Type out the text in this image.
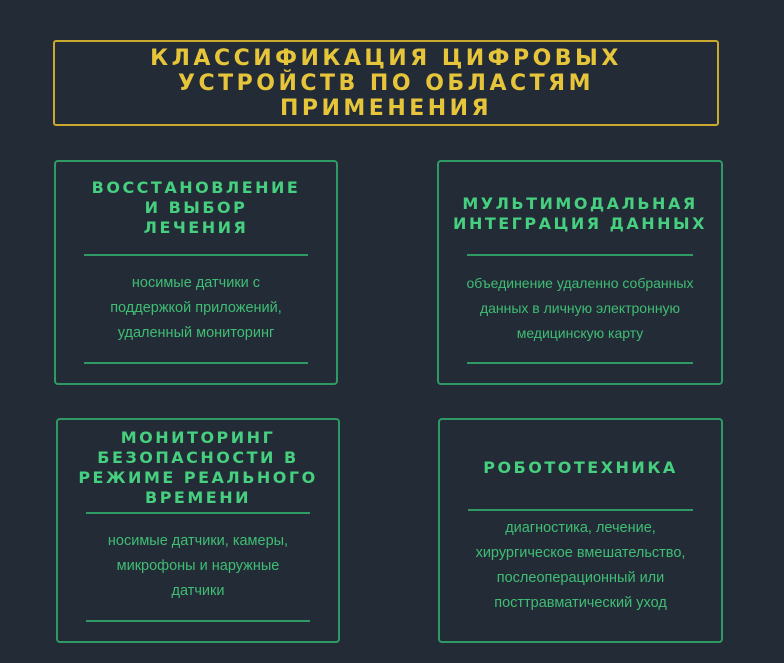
КЛАССИФИКАЦИЯ ЦИФРОВЫХ
УСТРОЙСТВ ПО ОБЛАСТЯМ
ПРИМЕНЕНИЯ
ВОССТАНОВЛЕНИЕ
И ВЫБОР
ЛЕЧЕНИЯ
носимые датчики с
поддержкой приложений,
удаленный мониторинг
МУЛЬТИМОДАЛЬНАЯ
ИНТЕГРАЦИЯ ДАННЫХ
объединение удаленно собранных
данных в личную электронную
медицинскую карту
МОНИТОРИНГ
БЕЗОПАСНОСТИ В
РЕЖИМЕ РЕАЛЬНОГО
ВРЕМЕНИ
носимые датчики, камеры,
микрофоны и наружные
датчики
РОБОТОТЕХНИКА
диагностика, лечение,
хирургическое вмешательство,
послеоперационный или
посттравматический уход
